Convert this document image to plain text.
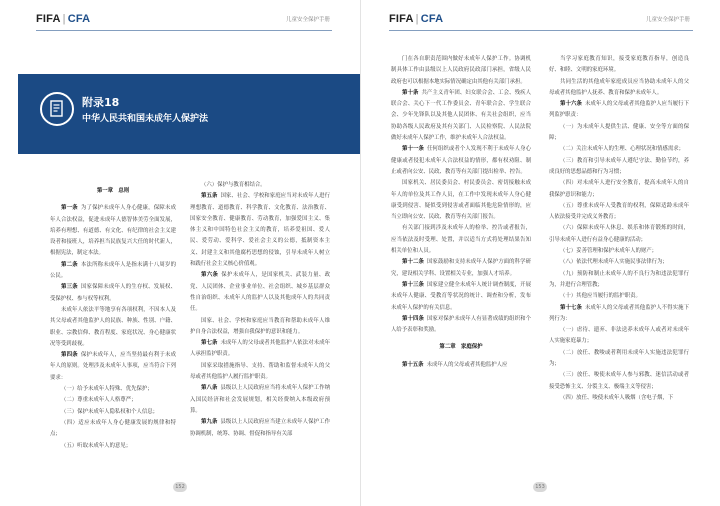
FIFA | CFA	儿童安全保护手册
附录18
中华人民共和国未成年人保护法

第一章　总则

第一条 为了保护未成年人身心健康，保障未成年人合法权益，促进未成年人德智体美劳全面发展，培养有理想、有道德、有文化、有纪律的社会主义建设者和接班人，培养担当民族复兴大任的时代新人，根据宪法，制定本法。

第二条 本法所称未成年人是指未满十八周岁的公民。

第三条 国家保障未成年人的生存权、发展权、受保护权、参与权等权利。

未成年人依法平等地享有各项权利，不因本人及其父母或者其他监护人的民族、种族、性别、户籍、职业、宗教信仰、教育程度、家庭状况、身心健康状况等受到歧视。

第四条 保护未成年人，应当坚持最有利于未成年人的原则。处理涉及未成年人事项，应当符合下列要求：

（一）给予未成年人特殊、优先保护；

（二）尊重未成年人人格尊严；

（三）保护未成年人隐私权和个人信息；

（四）适应未成年人身心健康发展的规律和特点；

（五）听取未成年人的意见；

（六）保护与教育相结合。

第五条 国家、社会、学校和家庭应当对未成年人进行理想教育、道德教育、科学教育、文化教育、法治教育、国家安全教育、健康教育、劳动教育，加强爱国主义、集体主义和中国特色社会主义的教育，培养爱祖国、爱人民、爱劳动、爱科学、爱社会主义的公德，抵制资本主义、封建主义和其他腐朽思想的侵蚀，引导未成年人树立和践行社会主义核心价值观。

第六条 保护未成年人，是国家机关、武装力量、政党、人民团体、企业事业单位、社会组织、城乡基层群众性自治组织、未成年人的监护人以及其他成年人的共同责任。

国家、社会、学校和家庭应当教育和帮助未成年人维护自身合法权益，增强自我保护的意识和能力。

第七条 未成年人的父母或者其他监护人依法对未成年人承担监护职责。

国家采取措施指导、支持、帮助和监督未成年人的父母或者其他监护人履行监护职责。

第八条 县级以上人民政府应当将未成年人保护工作纳入国民经济和社会发展规划，相关经费纳入本级政府预算。

第九条 县级以上人民政府应当建立未成年人保护工作协调机制，统筹、协调、督促和指导有关部

152
FIFA | CFA	儿童安全保护手册

门在各自职责范围内做好未成年人保护工作。协调机制具体工作由县级以上人民政府民政部门承担，省级人民政府也可以根据本地实际情况确定由其他有关部门承担。

第十条 共产主义青年团、妇女联合会、工会、残疾人联合会、关心下一代工作委员会、青年联合会、学生联合会、少年先锋队以及其他人民团体、有关社会组织，应当协助各级人民政府及其有关部门、人民检察院、人民法院做好未成年人保护工作，维护未成年人合法权益。

第十一条 任何组织或者个人发现不利于未成年人身心健康或者侵犯未成年人合法权益的情形，都有权劝阻、制止或者向公安、民政、教育等有关部门提出检举、控告。

国家机关、居民委员会、村民委员会、密切接触未成年人的单位及其工作人员，在工作中发现未成年人身心健康受到侵害、疑似受到侵害或者面临其他危险情形的，应当立即向公安、民政、教育等有关部门报告。

有关部门接到涉及未成年人的检举、控告或者报告，应当依法及时受理、处置，并以适当方式将处理结果告知相关单位和人员。

第十二条 国家鼓励和支持未成年人保护方面的科学研究，建设相关学科、设置相关专业，加强人才培养。

第十三条 国家建立健全未成年人统计调查制度，开展未成年人健康、受教育等状况的统计、调查和分析，发布未成年人保护的有关信息。

第十四条 国家对保护未成年人有显著成绩的组织和个人给予表彰和奖励。

第二章　家庭保护

第十五条 未成年人的父母或者其他监护人应

当学习家庭教育知识，接受家庭教育指导，创造良好、和睦、文明的家庭环境。

共同生活的其他成年家庭成员应当协助未成年人的父母或者其他监护人抚养、教育和保护未成年人。

第十六条 未成年人的父母或者其他监护人应当履行下列监护职责：

（一）为未成年人提供生活、健康、安全等方面的保障；

（二）关注未成年人的生理、心理状况和情感需求；

（三）教育和引导未成年人遵纪守法、勤俭节约，养成良好的思想品德和行为习惯；

（四）对未成年人进行安全教育，提高未成年人的自我保护意识和能力；

（五）尊重未成年人受教育的权利，保障适龄未成年人依法接受并完成义务教育；

（六）保障未成年人休息、娱乐和体育锻炼的时间，引导未成年人进行有益身心健康的活动；

（七）妥善管理和保护未成年人的财产；

（八）依法代理未成年人实施民事法律行为；

（九）预防和制止未成年人的不良行为和违法犯罪行为，并进行合理管教；

（十）其他应当履行的监护职责。

第十七条 未成年人的父母或者其他监护人不得实施下列行为：

（一）虐待、遗弃、非法送养未成年人或者对未成年人实施家庭暴力；

（二）放任、教唆或者利用未成年人实施违法犯罪行为；

（三）放任、唆使未成年人参与邪教、迷信活动或者接受恐怖主义、分裂主义、极端主义等侵害；

（四）放任、唆使未成年人吸烟（含电子烟，下

153
